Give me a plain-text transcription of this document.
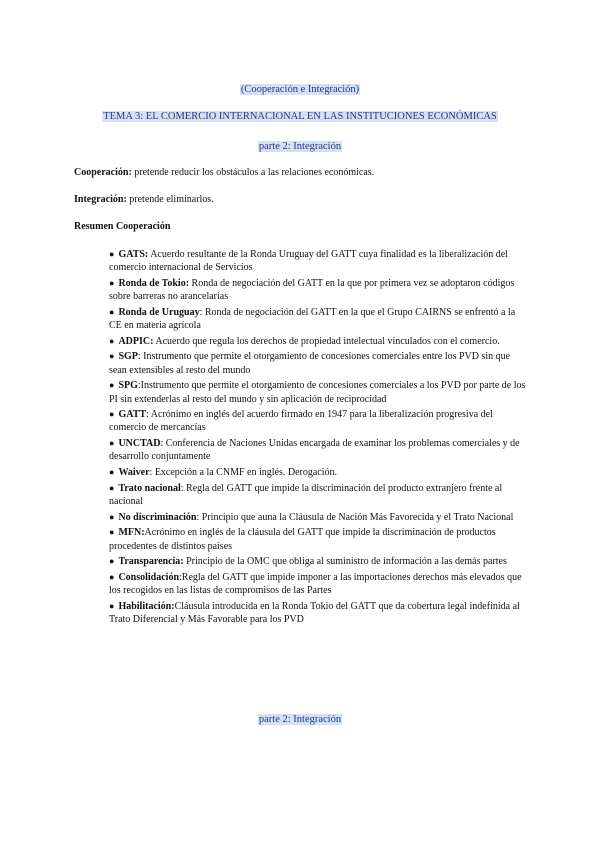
(Cooperación e Integración)
TEMA 3: EL COMERCIO INTERNACIONAL EN LAS INSTITUCIONES ECONÓMICAS
parte 2: Integración
Cooperación: pretende reducir los obstáculos a las relaciones económicas.
Integración: pretende eliminarlos.
Resumen Cooperación
● GATS: Acuerdo resultante de la Ronda Uruguay del GATT cuya finalidad es la liberalización del comercio internacional de Servicios
● Ronda de Tokio: Ronda de negociación del GATT en la que por primera vez se adoptaron códigos sobre barreras no arancelarias
● Ronda de Uruguay: Ronda de negociación del GATT en la que el Grupo CAIRNS se enfrentó a la CE en materia agrícola
● ADPIC: Acuerdo que regula los derechos de propiedad intelectual vinculados con el comercio.
● SGP: Instrumento que permite el otorgamiento de concesiones comerciales entre los PVD sin que sean extensibles al resto del mundo
● SPG:Instrumento que permite el otorgamiento de concesiones comerciales a los PVD por parte de los PI sin extenderlas al resto del mundo y sin aplicación de reciprocidad
● GATT: Acrónimo en inglés del acuerdo firmado en 1947 para la liberalización progresiva del comercio de mercancías
● UNCTAD: Conferencia de Naciones Unidas encargada de examinar los problemas comerciales y de desarrollo conjuntamente
● Waiver: Excepción a la CNMF en inglés. Derogación.
● Trato nacional: Regla del GATT que impide la discriminación del producto extranjero frente al nacional
● No discriminación: Principio que auna la Cláusula de Nación Más Favorecida y el Trato Nacional
● MFN:Acrónimo en inglés de la cláusula del GATT que impide la discriminación de productos procedentes de distintos países
● Transparencia: Principio de la OMC que obliga al suministro de información a las demás partes
● Consolidación:Regla del GATT que impide imponer a las importaciones derechos más elevados que los recogidos en las listas de compromisos de las Partes
● Habilitación:Cláusula introducida en la Ronda Tokio del GATT que da cobertura legal indefinida al Trato Diferencial y Más Favorable para los PVD
parte 2: Integración
